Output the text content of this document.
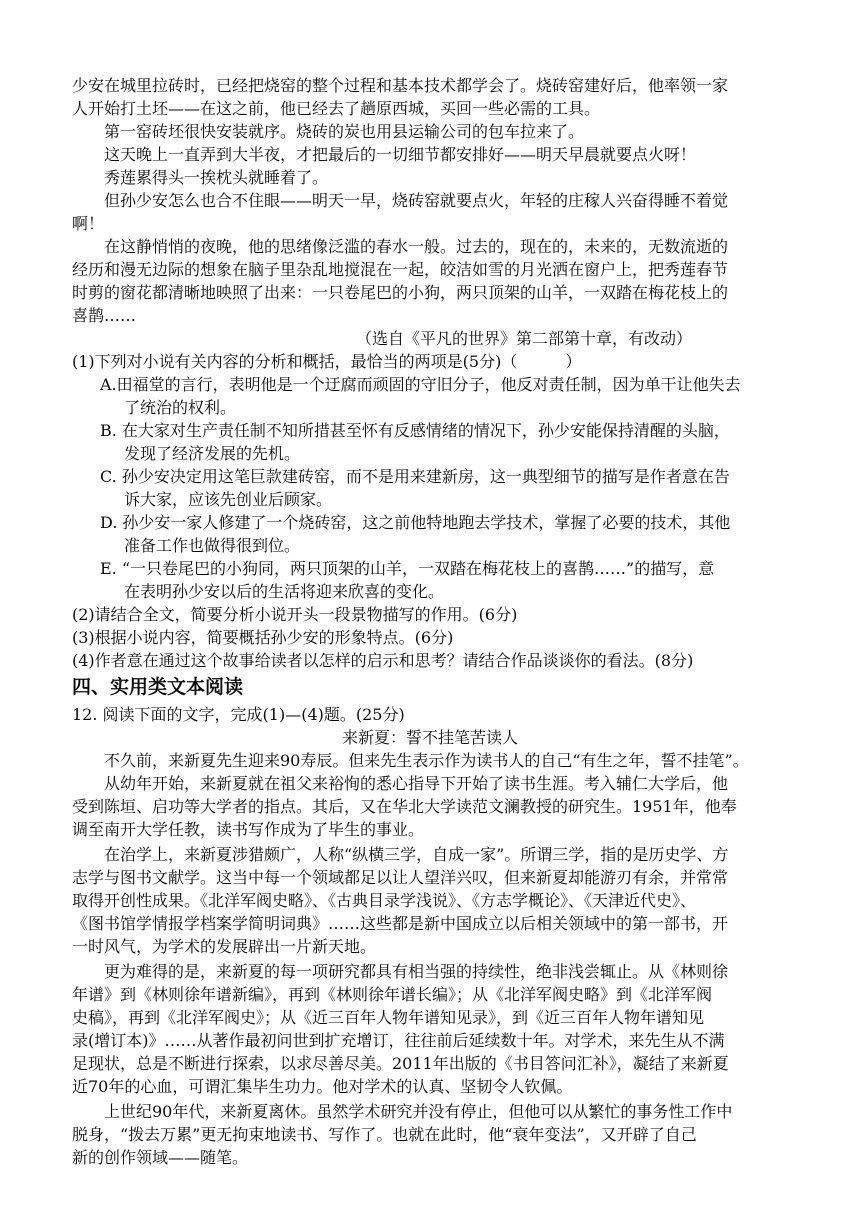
少安在城里拉砖时，已经把烧窑的整个过程和基本技术都学会了。烧砖窑建好后，他率领一家
人开始打土坯——在这之前，他已经去了趟原西城，买回一些必需的工具。
第一窑砖坯很快安装就序。烧砖的炭也用县运输公司的包车拉来了。
这天晚上一直弄到大半夜，才把最后的一切细节都安排好——明天早晨就要点火呀！
秀莲累得头一挨枕头就睡着了。
但孙少安怎么也合不住眼——明天一早，烧砖窑就要点火，年轻的庄稼人兴奋得睡不着觉
啊！
在这静悄悄的夜晚，他的思绪像泛滥的春水一般。过去的，现在的，未来的，无数流逝的
经历和漫无边际的想象在脑子里杂乱地搅混在一起，皎洁如雪的月光洒在窗户上，把秀莲春节
时剪的窗花都清晰地映照了出来：一只卷尾巴的小狗，两只顶架的山羊，一双踏在梅花枝上的
喜鹊……
（选自《平凡的世界》第二部第十章，有改动）
(1)下列对小说有关内容的分析和概括，最恰当的两项是(5分)（　　　）
A.田福堂的言行，表明他是一个迂腐而顽固的守旧分子，他反对责任制，因为单干让他失去
了统治的权利。
B. 在大家对生产责任制不知所措甚至怀有反感情绪的情况下，孙少安能保持清醒的头脑，
发现了经济发展的先机。
C. 孙少安决定用这笔巨款建砖窑，而不是用来建新房，这一典型细节的描写是作者意在告
诉大家，应该先创业后顾家。
D. 孙少安一家人修建了一个烧砖窑，这之前他特地跑去学技术，掌握了必要的技术，其他
准备工作也做得很到位。
E. “一只卷尾巴的小狗同，两只顶架的山羊，一双踏在梅花枝上的喜鹊……”的描写，意
在表明孙少安以后的生活将迎来欣喜的变化。
(2)请结合全文，简要分析小说开头一段景物描写的作用。(6分)
(3)根据小说内容，简要概括孙少安的形象特点。(6分)
(4)作者意在通过这个故事给读者以怎样的启示和思考？请结合作品谈谈你的看法。(8分)
四、实用类文本阅读
12. 阅读下面的文字，完成(1)—(4)题。(25分)
来新夏：誓不挂笔苦读人
不久前，来新夏先生迎来90寿辰。但来先生表示作为读书人的自己“有生之年，誓不挂笔”。
从幼年开始，来新夏就在祖父来裕恂的悉心指导下开始了读书生涯。考入辅仁大学后，他
受到陈垣、启功等大学者的指点。其后，又在华北大学读范文澜教授的研究生。1951年，他奉
调至南开大学任教，读书写作成为了毕生的事业。
在治学上，来新夏涉猎颇广，人称“纵横三学，自成一家”。所谓三学，指的是历史学、方
志学与图书文献学。这当中每一个领域都足以让人望洋兴叹，但来新夏却能游刃有余，并常常
取得开创性成果。《北洋军阀史略》、《古典目录学浅说》、《方志学概论》、《天津近代史》、
《图书馆学情报学档案学简明词典》……这些都是新中国成立以后相关领域中的第一部书，开
一时风气，为学术的发展辟出一片新天地。
更为难得的是，来新夏的每一项研究都具有相当强的持续性，绝非浅尝辄止。从《林则徐
年谱》到《林则徐年谱新编》，再到《林则徐年谱长编》；从《北洋军阀史略》到《北洋军阀
史稿》，再到《北洋军阀史》；从《近三百年人物年谱知见录》，到《近三百年人物年谱知见
录(增订本)》……从著作最初问世到扩充增订，往往前后延续数十年。对学术，来先生从不满
足现状，总是不断进行探索，以求尽善尽美。2011年出版的《书目答问汇补》，凝结了来新夏
近70年的心血，可谓汇集毕生功力。他对学术的认真、坚韧令人钦佩。
上世纪90年代，来新夏离休。虽然学术研究并没有停止，但他可以从繁忙的事务性工作中
脱身，“拨去万累”更无拘束地读书、写作了。也就在此时，他“衰年变法”，又开辟了自己
新的创作领域——随笔。
